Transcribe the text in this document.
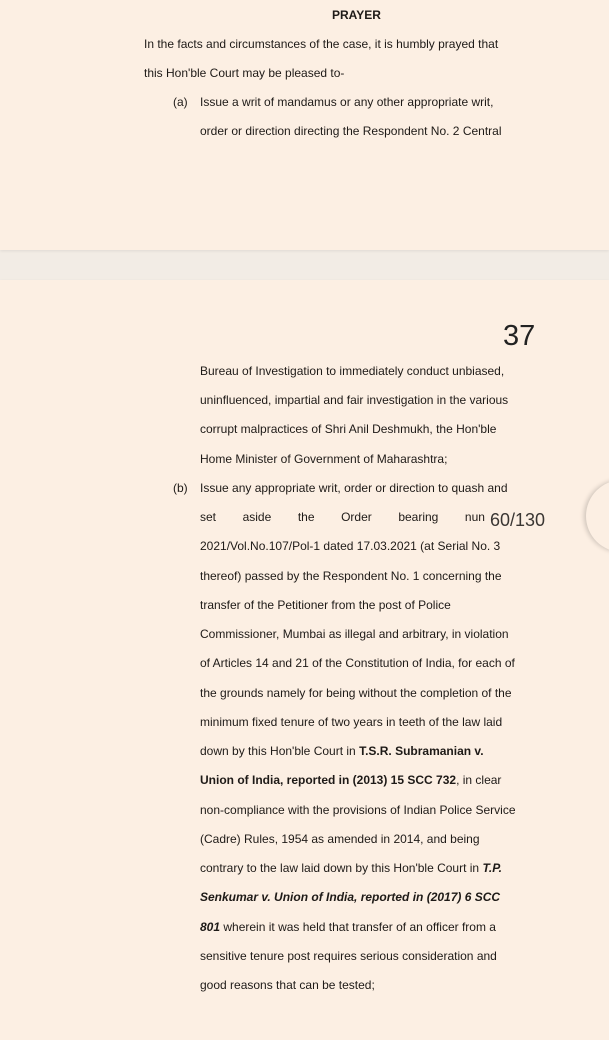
PRAYER
In the facts and circumstances of the case, it is humbly prayed that
this Hon'ble Court may be pleased to-
(a) Issue a writ of mandamus or any other appropriate writ,
order or direction directing the Respondent No. 2 Central
37
Bureau of Investigation to immediately conduct unbiased,
uninfluenced, impartial and fair investigation in the various
corrupt malpractices of Shri Anil Deshmukh, the Hon'ble
Home Minister of Government of Maharashtra;
(b) Issue any appropriate writ, order or direction to quash and
set aside the Order bearing nun
2021/Vol.No.107/Pol-1 dated 17.03.2021 (at Serial No. 3
thereof) passed by the Respondent No. 1 concerning the
transfer of the Petitioner from the post of Police
Commissioner, Mumbai as illegal and arbitrary, in violation
of Articles 14 and 21 of the Constitution of India, for each of
the grounds namely for being without the completion of the
minimum fixed tenure of two years in teeth of the law laid
down by this Hon'ble Court in T.S.R. Subramanian v.
Union of India, reported in (2013) 15 SCC 732, in clear
non-compliance with the provisions of Indian Police Service
(Cadre) Rules, 1954 as amended in 2014, and being
contrary to the law laid down by this Hon'ble Court in T.P.
Senkumar v. Union of India, reported in (2017) 6 SCC
801 wherein it was held that transfer of an officer from a
sensitive tenure post requires serious consideration and
good reasons that can be tested;
60/130
